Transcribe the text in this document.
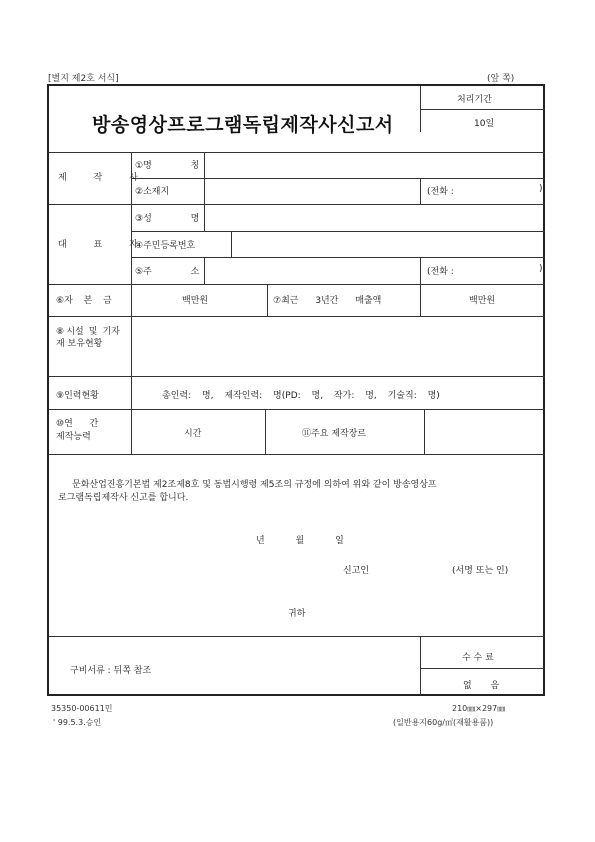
[별지 제2호 서식]	(앞 쪽)
방송영상프로그램독립제작사신고서
처리기간
10일
제 작 사
①명 칭
②소재지	(전화 :	)
대 표 자
③성 명
④주민등록번호
⑤주 소	(전화 :	)
⑥자 본 금	백만원	⑦최근 3년간 매출액	백만원
⑧시설 및 기자재 보유현황
⑨인력현황	총인력: 명, 제작인력: 명(PD: 명, 작가: 명, 기술직: 명)
⑩연 간 제작능력	시간	⑪주요 제작장르
문화산업진흥기본법 제2조제8호 및 동법시행령 제5조의 규정에 의하여 위와 같이 방송영상프
로그램독립제작사 신고를 합니다.
년 월 일
신고인	(서명 또는 인)
귀하
구비서류 : 뒤쪽 참조
수 수 료
없 음
35350-00611민
' 99.5.3.승인
210㎜×297㎜
(일반용지60g/㎡(재활용품))
